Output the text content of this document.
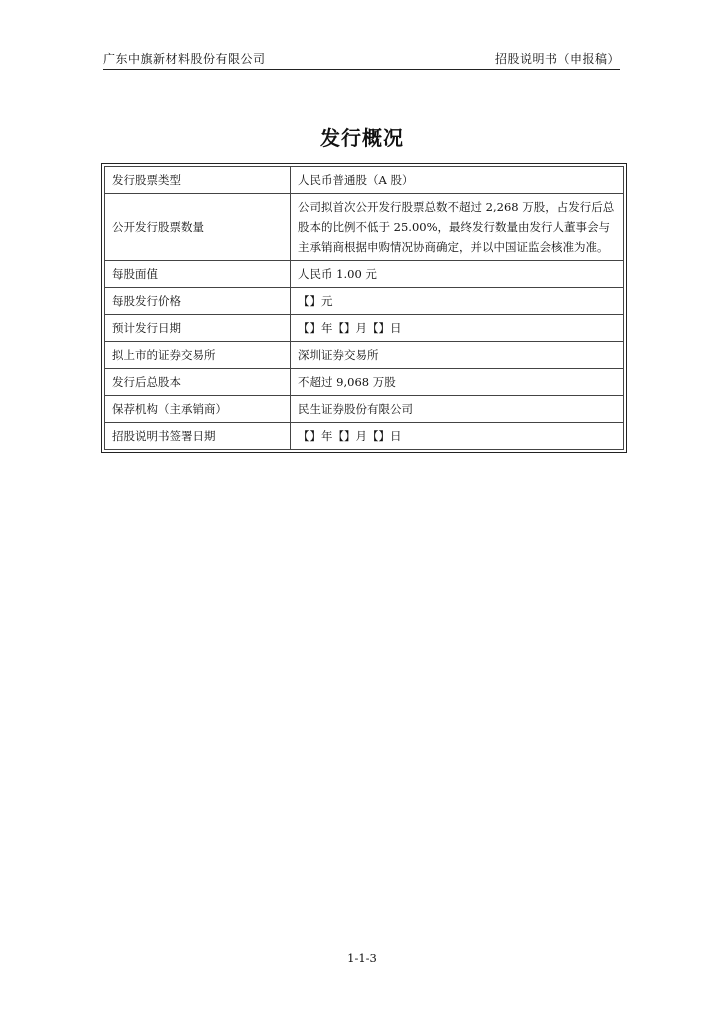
广东中旗新材料股份有限公司	招股说明书（申报稿）
发行概况
发行股票类型	人民币普通股（A 股）
公开发行股票数量	公司拟首次公开发行股票总数不超过 2,268 万股，占发行后总股本的比例不低于 25.00%，最终发行数量由发行人董事会与主承销商根据申购情况协商确定，并以中国证监会核准为准。
每股面值	人民币 1.00 元
每股发行价格	【】元
预计发行日期	【】年【】月【】日
拟上市的证券交易所	深圳证券交易所
发行后总股本	不超过 9,068 万股
保荐机构（主承销商）	民生证券股份有限公司
招股说明书签署日期	【】年【】月【】日
1-1-3
